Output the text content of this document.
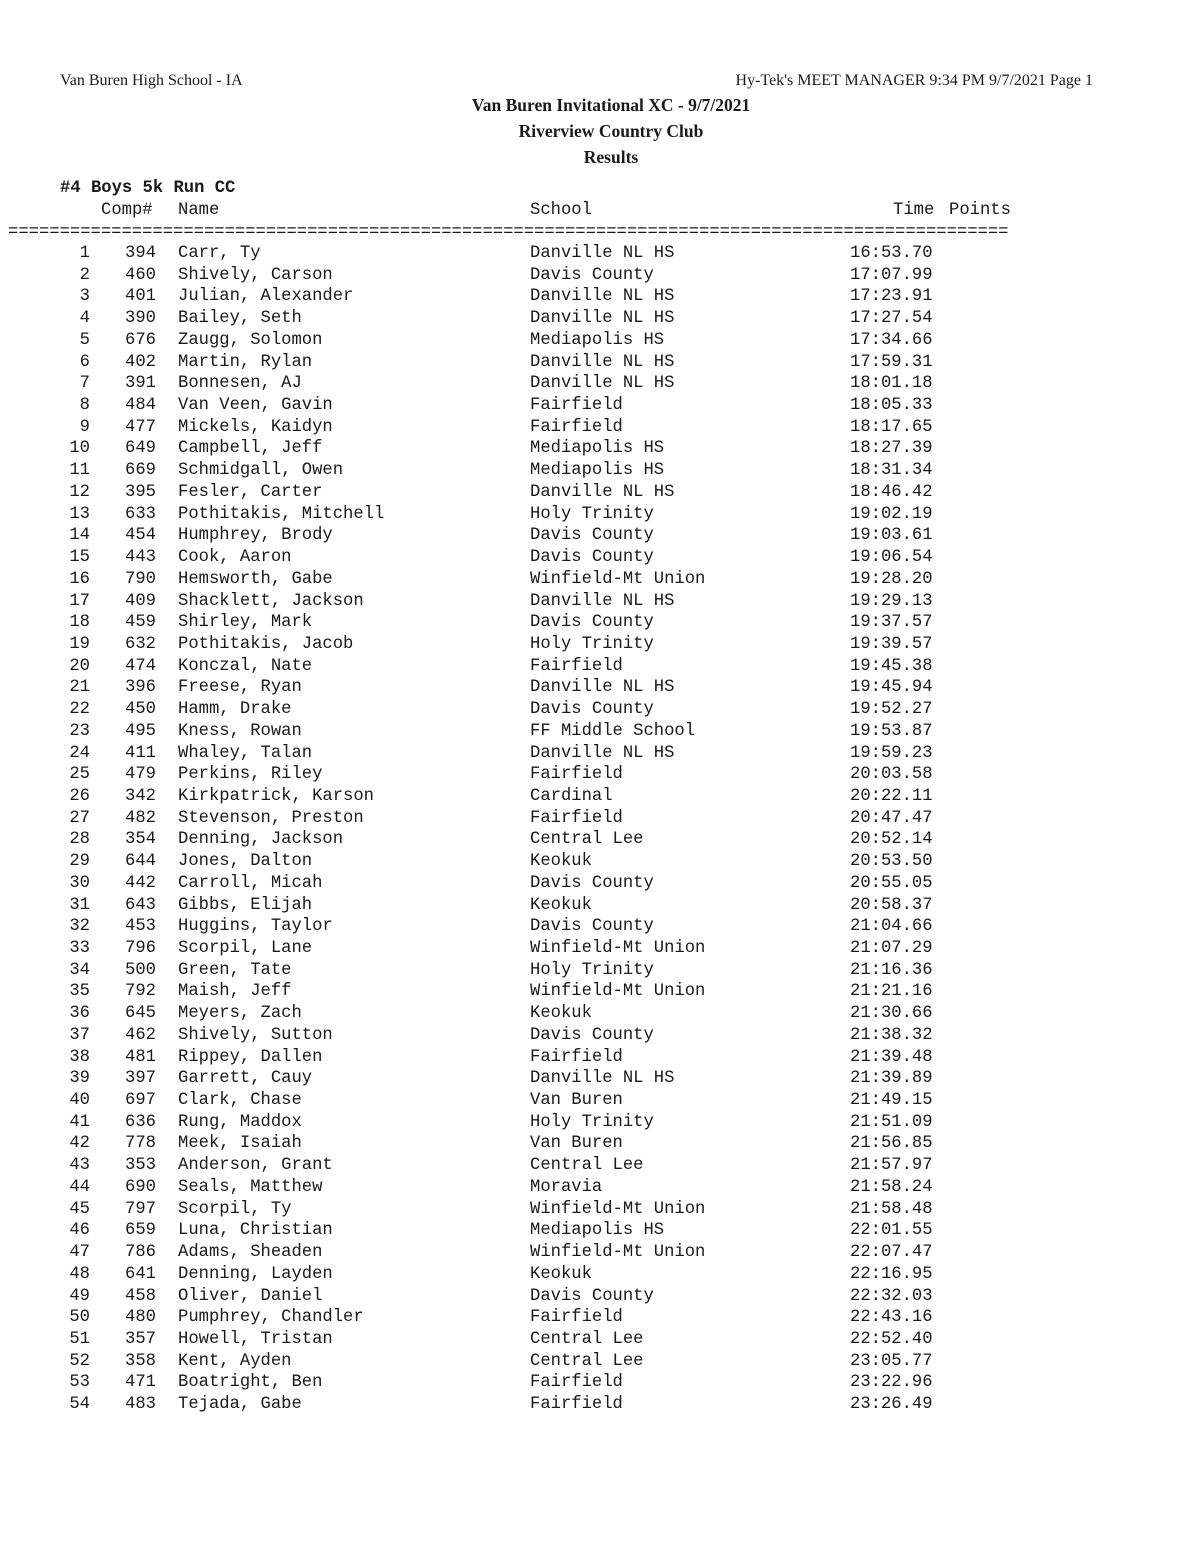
Van Buren High School - IA	Hy-Tek's MEET MANAGER 9:34 PM 9/7/2021 Page 1
Van Buren Invitational XC - 9/7/2021
Riverview Country Club
Results
#4 Boys 5k Run CC
Comp# Name	School	Time Points
=================================================================================================
1 394 Carr, Ty	Danville NL HS	16:53.70
2 460 Shively, Carson	Davis County	17:07.99
3 401 Julian, Alexander	Danville NL HS	17:23.91
4 390 Bailey, Seth	Danville NL HS	17:27.54
5 676 Zaugg, Solomon	Mediapolis HS	17:34.66
6 402 Martin, Rylan	Danville NL HS	17:59.31
7 391 Bonnesen, AJ	Danville NL HS	18:01.18
8 484 Van Veen, Gavin	Fairfield	18:05.33
9 477 Mickels, Kaidyn	Fairfield	18:17.65
10 649 Campbell, Jeff	Mediapolis HS	18:27.39
11 669 Schmidgall, Owen	Mediapolis HS	18:31.34
12 395 Fesler, Carter	Danville NL HS	18:46.42
13 633 Pothitakis, Mitchell	Holy Trinity	19:02.19
14 454 Humphrey, Brody	Davis County	19:03.61
15 443 Cook, Aaron	Davis County	19:06.54
16 790 Hemsworth, Gabe	Winfield-Mt Union	19:28.20
17 409 Shacklett, Jackson	Danville NL HS	19:29.13
18 459 Shirley, Mark	Davis County	19:37.57
19 632 Pothitakis, Jacob	Holy Trinity	19:39.57
20 474 Konczal, Nate	Fairfield	19:45.38
21 396 Freese, Ryan	Danville NL HS	19:45.94
22 450 Hamm, Drake	Davis County	19:52.27
23 495 Kness, Rowan	FF Middle School	19:53.87
24 411 Whaley, Talan	Danville NL HS	19:59.23
25 479 Perkins, Riley	Fairfield	20:03.58
26 342 Kirkpatrick, Karson	Cardinal	20:22.11
27 482 Stevenson, Preston	Fairfield	20:47.47
28 354 Denning, Jackson	Central Lee	20:52.14
29 644 Jones, Dalton	Keokuk	20:53.50
30 442 Carroll, Micah	Davis County	20:55.05
31 643 Gibbs, Elijah	Keokuk	20:58.37
32 453 Huggins, Taylor	Davis County	21:04.66
33 796 Scorpil, Lane	Winfield-Mt Union	21:07.29
34 500 Green, Tate	Holy Trinity	21:16.36
35 792 Maish, Jeff	Winfield-Mt Union	21:21.16
36 645 Meyers, Zach	Keokuk	21:30.66
37 462 Shively, Sutton	Davis County	21:38.32
38 481 Rippey, Dallen	Fairfield	21:39.48
39 397 Garrett, Cauy	Danville NL HS	21:39.89
40 697 Clark, Chase	Van Buren	21:49.15
41 636 Rung, Maddox	Holy Trinity	21:51.09
42 778 Meek, Isaiah	Van Buren	21:56.85
43 353 Anderson, Grant	Central Lee	21:57.97
44 690 Seals, Matthew	Moravia	21:58.24
45 797 Scorpil, Ty	Winfield-Mt Union	21:58.48
46 659 Luna, Christian	Mediapolis HS	22:01.55
47 786 Adams, Sheaden	Winfield-Mt Union	22:07.47
48 641 Denning, Layden	Keokuk	22:16.95
49 458 Oliver, Daniel	Davis County	22:32.03
50 480 Pumphrey, Chandler	Fairfield	22:43.16
51 357 Howell, Tristan	Central Lee	22:52.40
52 358 Kent, Ayden	Central Lee	23:05.77
53 471 Boatright, Ben	Fairfield	23:22.96
54 483 Tejada, Gabe	Fairfield	23:26.49
